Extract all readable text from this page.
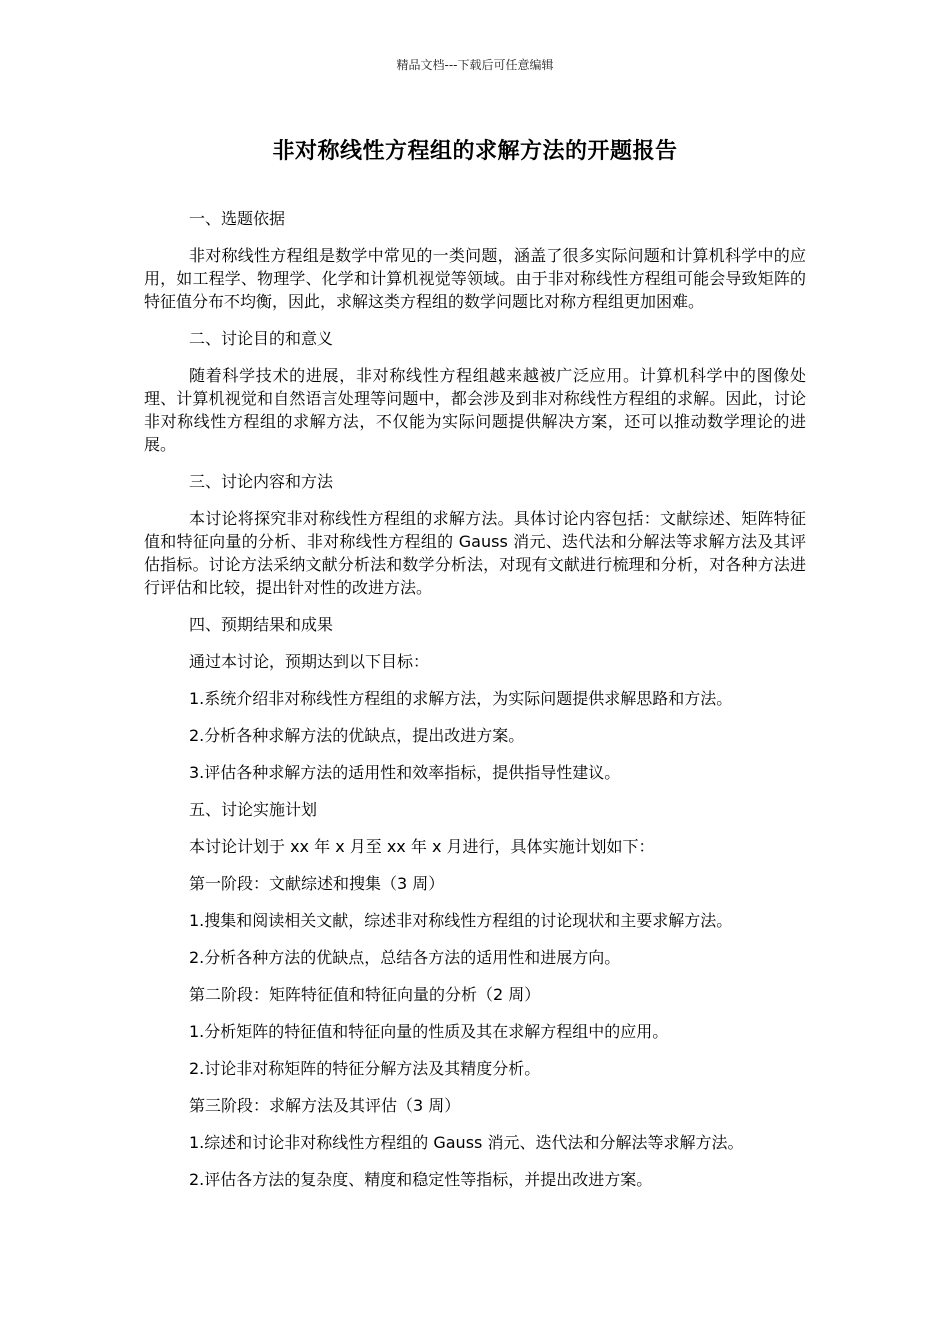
精品文档---下载后可任意编辑
非对称线性方程组的求解方法的开题报告

一、选题依据

非对称线性方程组是数学中常见的一类问题，涵盖了很多实际问题和计算机科学中的应用，如工程学、物理学、化学和计算机视觉等领域。由于非对称线性方程组可能会导致矩阵的特征值分布不均衡，因此，求解这类方程组的数学问题比对称方程组更加困难。

二、讨论目的和意义

随着科学技术的进展，非对称线性方程组越来越被广泛应用。计算机科学中的图像处理、计算机视觉和自然语言处理等问题中，都会涉及到非对称线性方程组的求解。因此，讨论非对称线性方程组的求解方法，不仅能为实际问题提供解决方案，还可以推动数学理论的进展。

三、讨论内容和方法

本讨论将探究非对称线性方程组的求解方法。具体讨论内容包括：文献综述、矩阵特征值和特征向量的分析、非对称线性方程组的 Gauss 消元、迭代法和分解法等求解方法及其评估指标。讨论方法采纳文献分析法和数学分析法，对现有文献进行梳理和分析，对各种方法进行评估和比较，提出针对性的改进方法。

四、预期结果和成果

通过本讨论，预期达到以下目标：

1.系统介绍非对称线性方程组的求解方法，为实际问题提供求解思路和方法。

2.分析各种求解方法的优缺点，提出改进方案。

3.评估各种求解方法的适用性和效率指标，提供指导性建议。

五、讨论实施计划

本讨论计划于 xx 年 x 月至 xx 年 x 月进行，具体实施计划如下：

第一阶段：文献综述和搜集（3 周）

1.搜集和阅读相关文献，综述非对称线性方程组的讨论现状和主要求解方法。

2.分析各种方法的优缺点，总结各方法的适用性和进展方向。

第二阶段：矩阵特征值和特征向量的分析（2 周）

1.分析矩阵的特征值和特征向量的性质及其在求解方程组中的应用。

2.讨论非对称矩阵的特征分解方法及其精度分析。

第三阶段：求解方法及其评估（3 周）

1.综述和讨论非对称线性方程组的 Gauss 消元、迭代法和分解法等求解方法。

2.评估各方法的复杂度、精度和稳定性等指标，并提出改进方案。
